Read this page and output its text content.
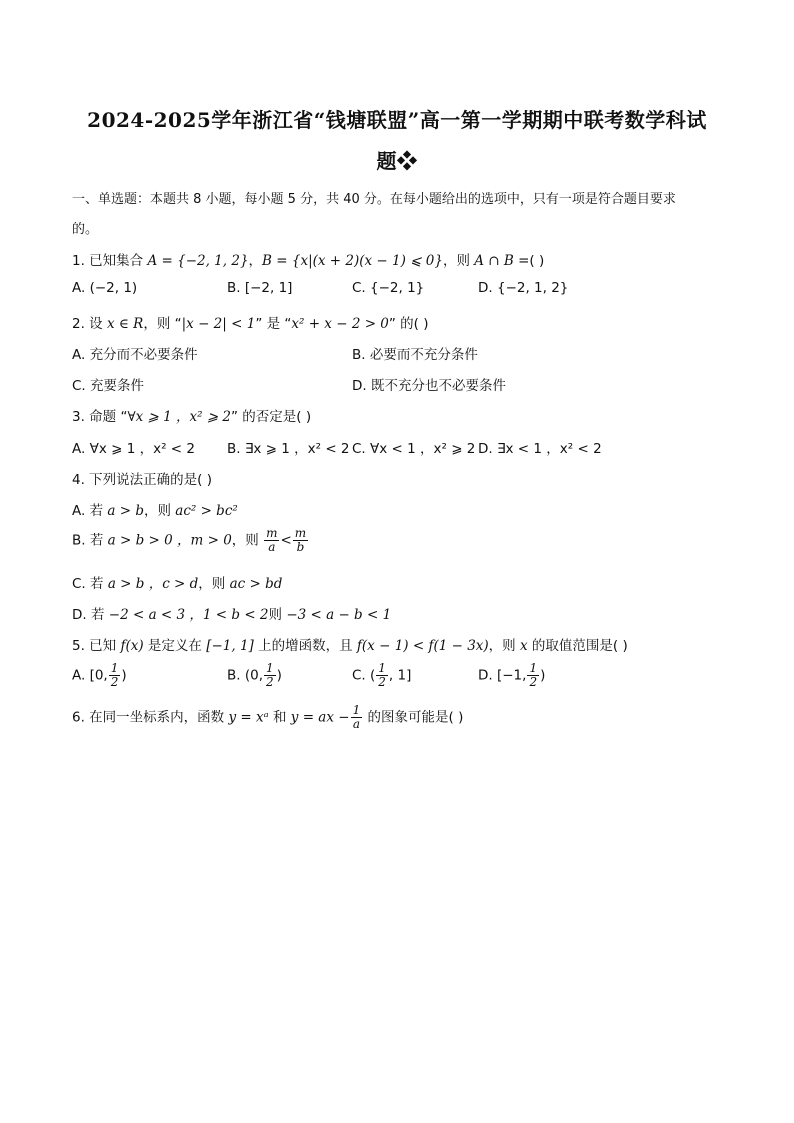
2024-2025学年浙江省“钱塘联盟”高一第一学期期中联考数学科试
题❖
一、单选题：本题共 8 小题，每小题 5 分，共 40 分。在每小题给出的选项中，只有一项是符合题目要求
的。
1. 已知集合 A = {−2, 1, 2}，B = {x|(x + 2)(x − 1) ⩽ 0}，则 A ∩ B =( )
A. (−2, 1)	B. [−2, 1]	C. {−2, 1}	D. {−2, 1, 2}
2. 设 x ∈ R，则 “|x − 2| < 1” 是 “x² + x − 2 > 0” 的( )
A. 充分而不必要条件	B. 必要而不充分条件
C. 充要条件	D. 既不充分也不必要条件
3. 命题 “∀x ⩾ 1 ，x² ⩾ 2” 的否定是( )
A. ∀x ⩾ 1 ，x² < 2 B. ∃x ⩾ 1 ，x² < 2 C. ∀x < 1 ，x² ⩾ 2 D. ∃x < 1 ，x² < 2
4. 下列说法正确的是( )
A. 若 a > b，则 ac² > bc²
B. 若 a > b > 0 ，m > 0，则 $\frac{m}{a} < \frac{m}{b}$
C. 若 a > b ，c > d，则 ac > bd
D. 若 −2 < a < 3 ，1 < b < 2则 −3 < a − b < 1
5. 已知 f(x) 是定义在 [−1, 1] 上的增函数，且 f(x − 1) < f(1 − 3x)，则 x 的取值范围是( )
A. [0, $\frac{1}{2}$ )	B. (0, $\frac{1}{2}$ )	C. ( $\frac{1}{2}$ , 1]	D. [−1, $\frac{1}{2}$ )
6. 在同一坐标系内，函数 y = xᵃ 和 y = ax − $\frac{1}{a}$ 的图象可能是( )
